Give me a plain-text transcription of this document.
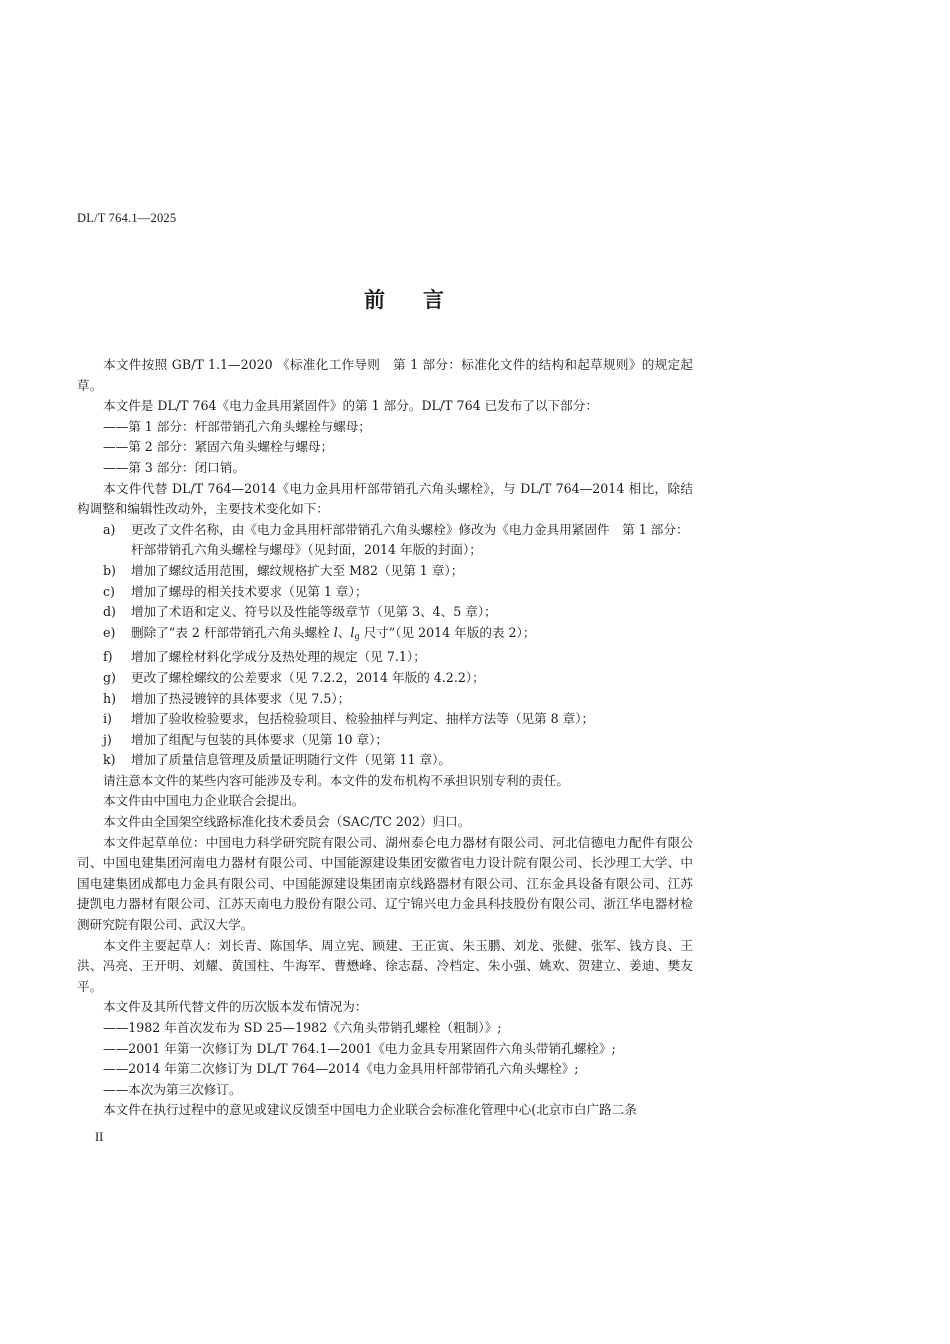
DL/T 764.1—2025
前言

本文件按照 GB/T 1.1—2020 《标准化工作导则　第 1 部分：标准化文件的结构和起草规则》的规定起草。

本文件是 DL/T 764《电力金具用紧固件》的第 1 部分。DL/T 764 已发布了以下部分：

——第 1 部分：杆部带销孔六角头螺栓与螺母；

——第 2 部分：紧固六角头螺栓与螺母；

——第 3 部分：闭口销。

本文件代替 DL/T 764—2014《电力金具用杆部带销孔六角头螺栓》，与 DL/T 764—2014 相比，除结构调整和编辑性改动外，主要技术变化如下：

a)	更改了文件名称，由《电力金具用杆部带销孔六角头螺栓》修改为《电力金具用紧固件　第 1 部分：杆部带销孔六角头螺栓与螺母》（见封面，2014 年版的封面）；
b)	增加了螺纹适用范围，螺纹规格扩大至 M82（见第 1 章）；
c)	增加了螺母的相关技术要求（见第 1 章）；
d)	增加了术语和定义、符号以及性能等级章节（见第 3、4、5 章）；
e)	删除了“表 2 杆部带销孔六角头螺栓 l、$l_g$ 尺寸”（见 2014 年版的表 2）；
f)	增加了螺栓材料化学成分及热处理的规定（见 7.1）；
g)	更改了螺栓螺纹的公差要求（见 7.2.2，2014 年版的 4.2.2）；
h)	增加了热浸镀锌的具体要求（见 7.5）；
i)	增加了验收检验要求，包括检验项目、检验抽样与判定、抽样方法等（见第 8 章）；
j)	增加了组配与包装的具体要求（见第 10 章）；
k)	增加了质量信息管理及质量证明随行文件（见第 11 章）。

请注意本文件的某些内容可能涉及专利。本文件的发布机构不承担识别专利的责任。

本文件由中国电力企业联合会提出。

本文件由全国架空线路标准化技术委员会（SAC/TC 202）归口。

本文件起草单位：中国电力科学研究院有限公司、湖州泰仑电力器材有限公司、河北信德电力配件有限公司、中国电建集团河南电力器材有限公司、中国能源建设集团安徽省电力设计院有限公司、长沙理工大学、中国电建集团成都电力金具有限公司、中国能源建设集团南京线路器材有限公司、江东金具设备有限公司、江苏捷凯电力器材有限公司、江苏天南电力股份有限公司、辽宁锦兴电力金具科技股份有限公司、浙江华电器材检测研究院有限公司、武汉大学。

本文件主要起草人：刘长青、陈国华、周立宪、顾建、王正寅、朱玉鹏、刘龙、张健、张军、钱方良、王洪、冯亮、王开明、刘耀、黄国柱、牛海军、曹懋峰、徐志磊、冷档定、朱小强、姚欢、贺建立、姜迪、樊友平。

本文件及其所代替文件的历次版本发布情况为：

——1982 年首次发布为 SD 25—1982《六角头带销孔螺栓（粗制）》;

——2001 年第一次修订为 DL/T 764.1—2001《电力金具专用紧固件六角头带销孔螺栓》;

——2014 年第二次修订为 DL/T 764—2014《电力金具用杆部带销孔六角头螺栓》;

——本次为第三次修订。

本文件在执行过程中的意见或建议反馈至中国电力企业联合会标准化管理中心(北京市白广路二条

II
